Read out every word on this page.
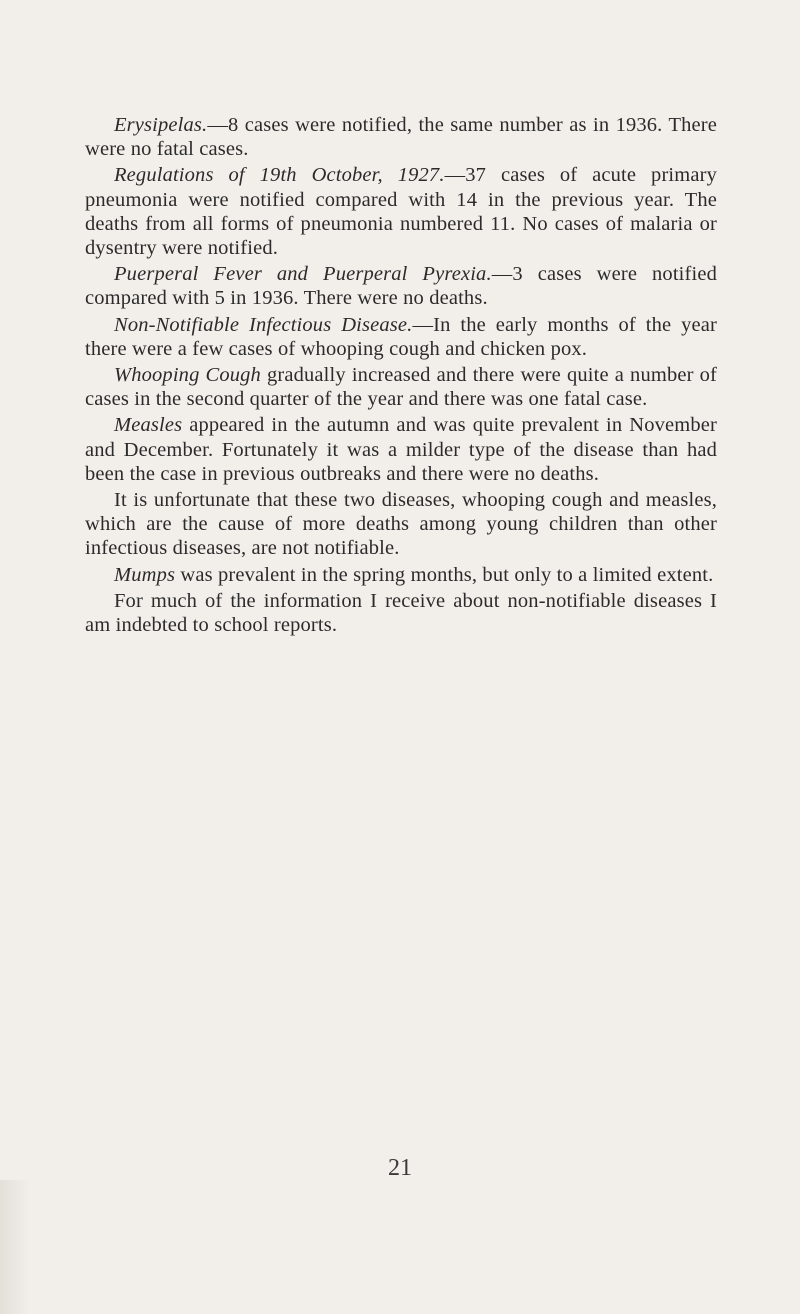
Erysipelas.—8 cases were notified, the same number as in 1936. There were no fatal cases.

Regulations of 19th October, 1927.—37 cases of acute primary pneumonia were notified compared with 14 in the previous year. The deaths from all forms of pneumonia numbered 11. No cases of malaria or dysentry were notified.

Puerperal Fever and Puerperal Pyrexia.—3 cases were notified compared with 5 in 1936. There were no deaths.

Non-Notifiable Infectious Disease.—In the early months of the year there were a few cases of whooping cough and chicken pox.

Whooping Cough gradually increased and there were quite a number of cases in the second quarter of the year and there was one fatal case.

Measles appeared in the autumn and was quite prevalent in November and December. Fortunately it was a milder type of the disease than had been the case in previous outbreaks and there were no deaths.

It is unfortunate that these two diseases, whooping cough and measles, which are the cause of more deaths among young children than other infectious diseases, are not notifiable.

Mumps was prevalent in the spring months, but only to a limited extent.

For much of the information I receive about non-notifiable diseases I am indebted to school reports.

21
